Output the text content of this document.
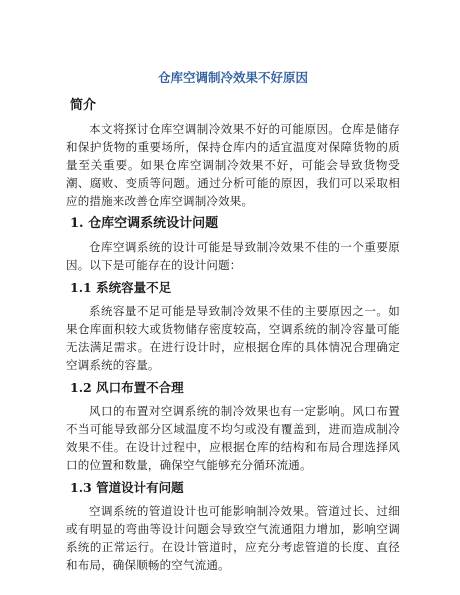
仓库空调制冷效果不好原因
简介

本文将探讨仓库空调制冷效果不好的可能原因。仓库是储存和保护货物的重要场所，保持仓库内的适宜温度对保障货物的质量至关重要。如果仓库空调制冷效果不好，可能会导致货物受潮、腐败、变质等问题。通过分析可能的原因，我们可以采取相应的措施来改善仓库空调制冷效果。

1. 仓库空调系统设计问题

仓库空调系统的设计可能是导致制冷效果不佳的一个重要原因。以下是可能存在的设计问题：

1.1 系统容量不足

系统容量不足可能是导致制冷效果不佳的主要原因之一。如果仓库面积较大或货物储存密度较高，空调系统的制冷容量可能无法满足需求。在进行设计时，应根据仓库的具体情况合理确定空调系统的容量。

1.2 风口布置不合理

风口的布置对空调系统的制冷效果也有一定影响。风口布置不当可能导致部分区域温度不均匀或没有覆盖到，进而造成制冷效果不佳。在设计过程中，应根据仓库的结构和布局合理选择风口的位置和数量，确保空气能够充分循环流通。

1.3 管道设计有问题

空调系统的管道设计也可能影响制冷效果。管道过长、过细或有明显的弯曲等设计问题会导致空气流通阻力增加，影响空调系统的正常运行。在设计管道时，应充分考虑管道的长度、直径和布局，确保顺畅的空气流通。
